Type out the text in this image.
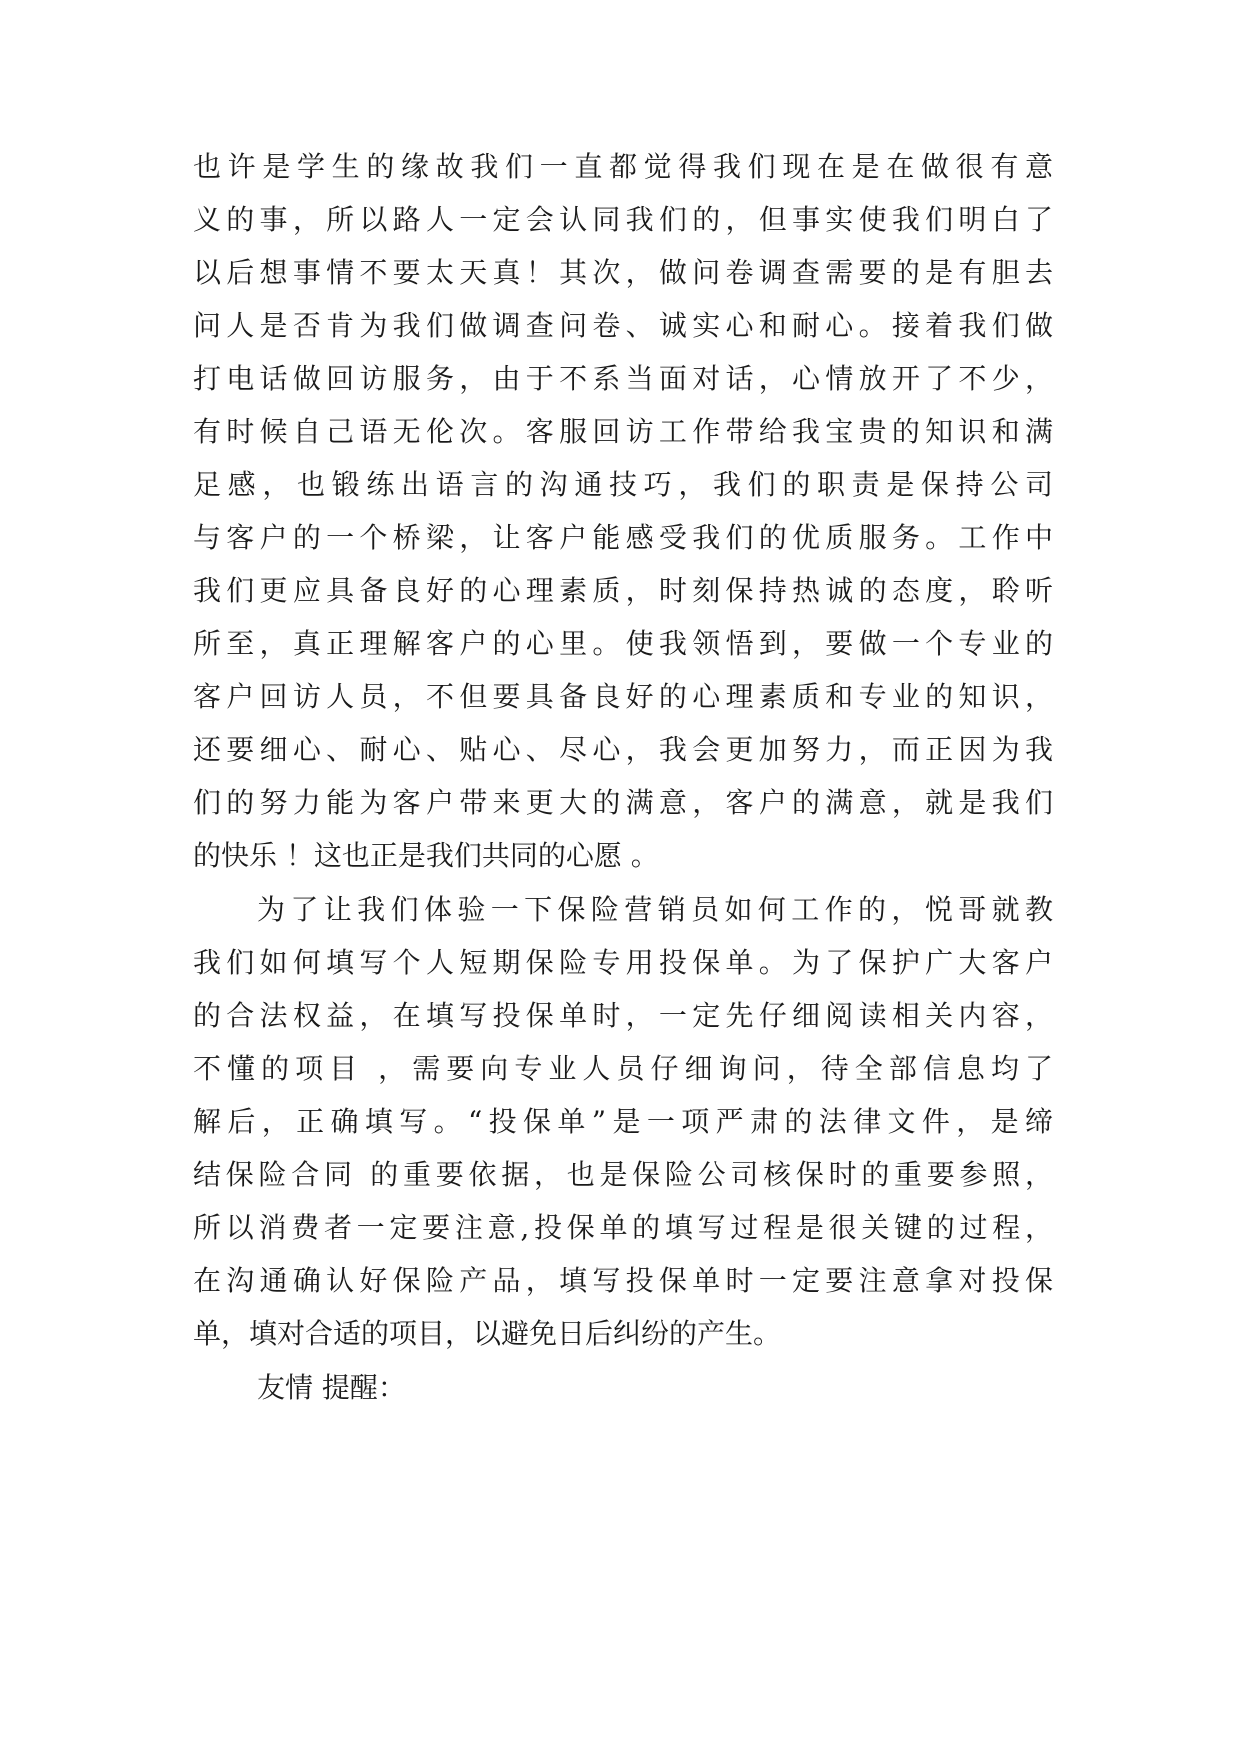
也许是学生的缘故我们一直都觉得我们现在是在做很有意
义的事，所以路人一定会认同我们的，但事实使我们明白了
以后想事情不要太天真！其次，做问卷调查需要的是有胆去
问人是否肯为我们做调查问卷、诚实心和耐心。接着我们做
打电话做回访服务，由于不系当面对话，心情放开了不少，
有时候自己语无伦次。客服回访工作带给我宝贵的知识和满
足感，也锻练出语言的沟通技巧，我们的职责是保持公司
与客户的一个桥梁，让客户能感受我们的优质服务。工作中
我们更应具备良好的心理素质，时刻保持热诚的态度，聆听
所至，真正理解客户的心里。使我领悟到，要做一个专业的
客户回访人员，不但要具备良好的心理素质和专业的知识，
还要细心、耐心、贴心、尽心，我会更加努力，而正因为我
们的努力能为客户带来更大的满意，客户的满意，就是我们
的快乐 ！这也正是我们共同的心愿 。
为了让我们体验一下保险营销员如何工作的，悦哥就教
我们如何填写个人短期保险专用投保单。为了保护广大客户
的合法权益，在填写投保单时，一定先仔细阅读相关内容，
不懂的项目 ，需要向专业人员仔细询问，待全部信息均了
解后，正确填写。“投保单”是一项严肃的法律文件，是缔
结保险合同 的重要依据，也是保险公司核保时的重要参照，
所以消费者一定要注意,投保单的填写过程是很关键的过程，
在沟通确认好保险产品，填写投保单时一定要注意拿对投保
单，填对合适的项目，以避免日后纠纷的产生。
友情 提醒：
